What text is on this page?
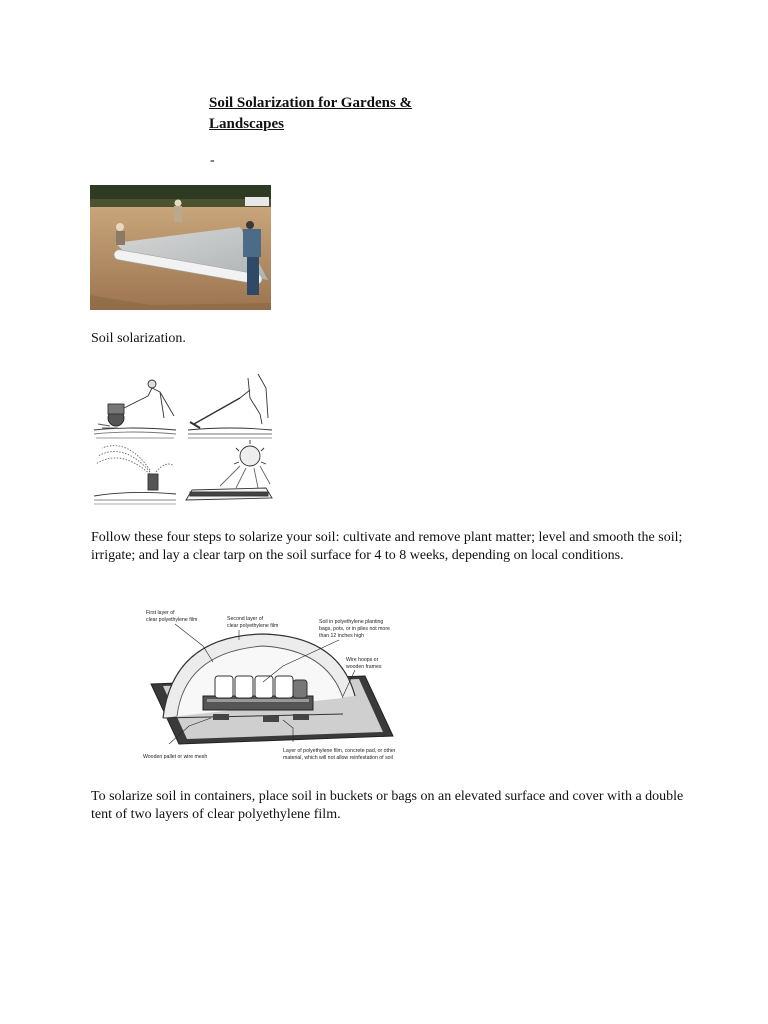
Soil Solarization for Gardens & Landscapes
-
Soil solarization.
Follow these four steps to solarize your soil: cultivate and remove plant matter; level and smooth the soil; irrigate; and lay a clear tarp on the soil surface for 4 to 8 weeks, depending on local conditions.
First layer of
clear polyethylene film	Second layer of
clear polyethylene film
Soil in polyethylene planting
bags, pots, or in piles not more
than 12 inches high
Wire hoops or
wooden frames
Wooden pallet or wire mesh
Layer of polyethylene film, concrete pad, or other
material, which will not allow reinfestation of soil
To solarize soil in containers, place soil in buckets or bags on an elevated surface and cover with a double tent of two layers of clear polyethylene film.
